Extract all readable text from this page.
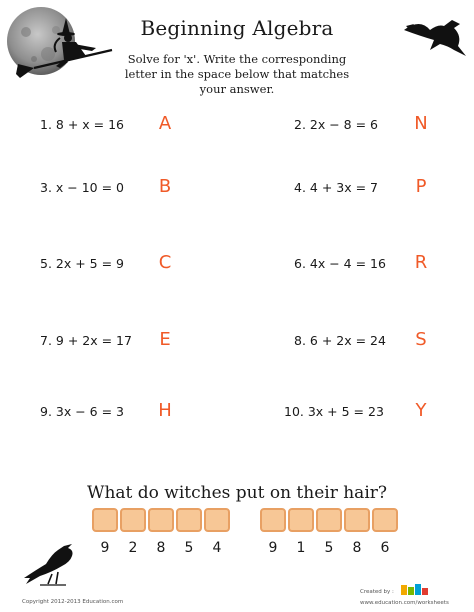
Beginning Algebra
Solve for 'x'. Write the corresponding letter in the space below that matches your answer.
1. 8 + x = 16 A
3. x − 10 = 0 B
5. 2x + 5 = 9 C
7. 9 + 2x = 17 E
9. 3x − 6 = 3 H
2. 2x − 8 = 6 N
4. 4 + 3x = 7 P
6. 4x − 4 = 16 R
8. 6 + 2x = 24 S
10. 3x + 5 = 23 Y
What do witches put on their hair?
9	2	8	5	4	9	1	5	8	6
Copyright 2012-2013 Education.com
Created by :
www.education.com/worksheets
